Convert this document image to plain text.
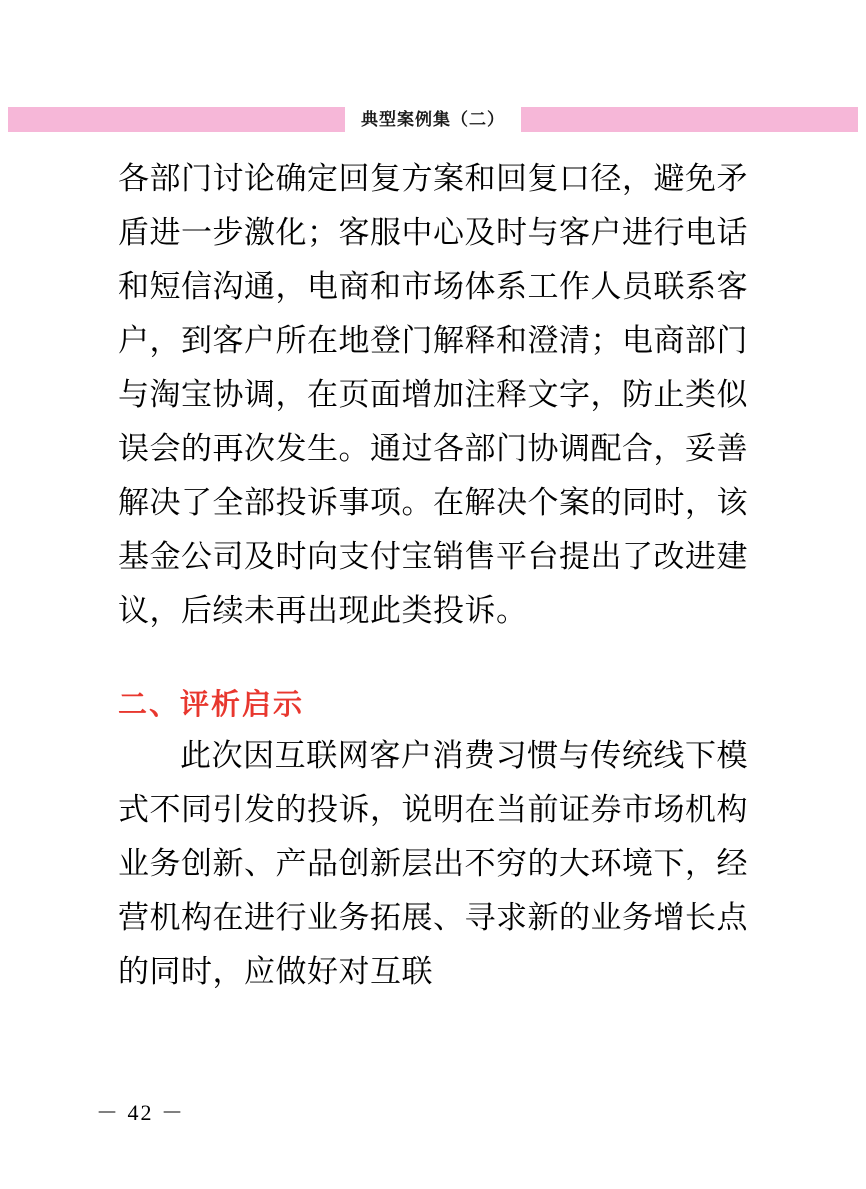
典型案例集（二）

各部门讨论确定回复方案和回复口径，避免矛盾进一步激化；客服中心及时与客户进行电话和短信沟通，电商和市场体系工作人员联系客户，到客户所在地登门解释和澄清；电商部门与淘宝协调，在页面增加注释文字，防止类似误会的再次发生。通过各部门协调配合，妥善解决了全部投诉事项。在解决个案的同时，该基金公司及时向支付宝销售平台提出了改进建议，后续未再出现此类投诉。

二、评析启示

此次因互联网客户消费习惯与传统线下模式不同引发的投诉，说明在当前证券市场机构业务创新、产品创新层出不穷的大环境下，经营机构在进行业务拓展、寻求新的业务增长点的同时，应做好对互联

－ 42 －
